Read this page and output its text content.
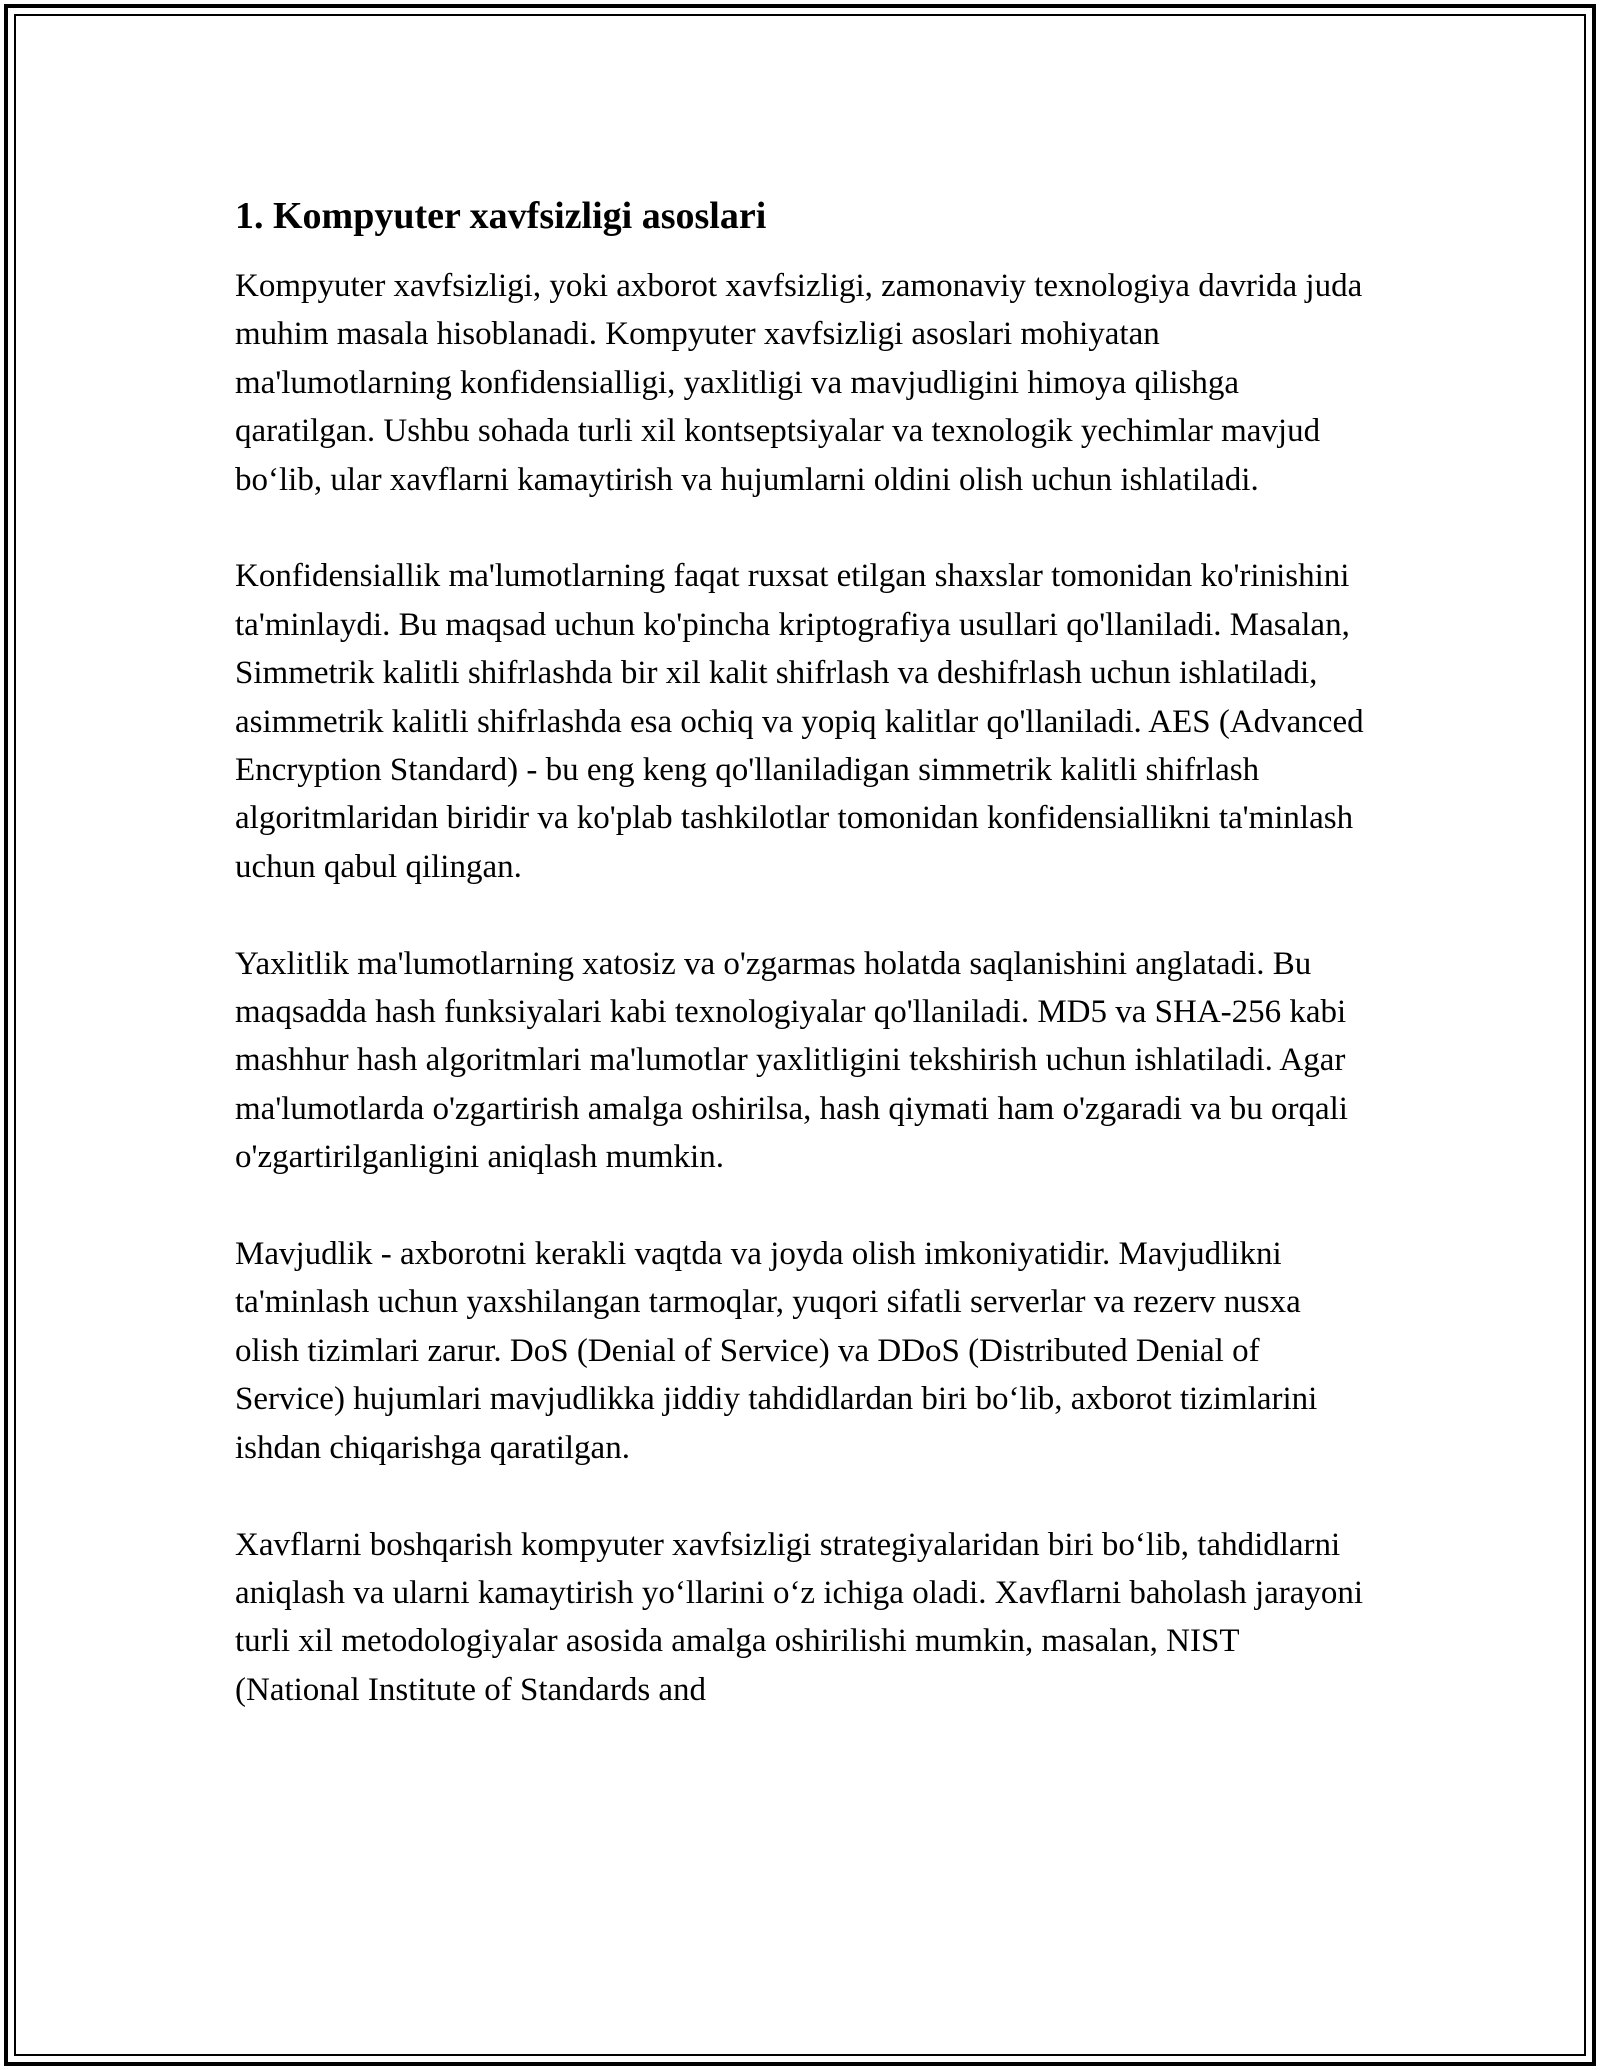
1. Kompyuter xavfsizligi asoslari

Kompyuter xavfsizligi, yoki axborot xavfsizligi, zamonaviy texnologiya davrida juda muhim masala hisoblanadi. Kompyuter xavfsizligi asoslari mohiyatan ma'lumotlarning konfidensialligi, yaxlitligi va mavjudligini himoya qilishga qaratilgan. Ushbu sohada turli xil kontseptsiyalar va texnologik yechimlar mavjud bo‘lib, ular xavflarni kamaytirish va hujumlarni oldini olish uchun ishlatiladi.

Konfidensiallik ma'lumotlarning faqat ruxsat etilgan shaxslar tomonidan ko'rinishini ta'minlaydi. Bu maqsad uchun ko'pincha kriptografiya usullari qo'llaniladi. Masalan, Simmetrik kalitli shifrlashda bir xil kalit shifrlash va deshifrlash uchun ishlatiladi, asimmetrik kalitli shifrlashda esa ochiq va yopiq kalitlar qo'llaniladi. AES (Advanced Encryption Standard) - bu eng keng qo'llaniladigan simmetrik kalitli shifrlash algoritmlaridan biridir va ko'plab tashkilotlar tomonidan konfidensiallikni ta'minlash uchun qabul qilingan.

Yaxlitlik ma'lumotlarning xatosiz va o'zgarmas holatda saqlanishini anglatadi. Bu maqsadda hash funksiyalari kabi texnologiyalar qo'llaniladi. MD5 va SHA-256 kabi mashhur hash algoritmlari ma'lumotlar yaxlitligini tekshirish uchun ishlatiladi. Agar ma'lumotlarda o'zgartirish amalga oshirilsa, hash qiymati ham o'zgaradi va bu orqali o'zgartirilganligini aniqlash mumkin.

Mavjudlik - axborotni kerakli vaqtda va joyda olish imkoniyatidir. Mavjudlikni ta'minlash uchun yaxshilangan tarmoqlar, yuqori sifatli serverlar va rezerv nusxa olish tizimlari zarur. DoS (Denial of Service) va DDoS (Distributed Denial of Service) hujumlari mavjudlikka jiddiy tahdidlardan biri bo‘lib, axborot tizimlarini ishdan chiqarishga qaratilgan.

Xavflarni boshqarish kompyuter xavfsizligi strategiyalaridan biri bo‘lib, tahdidlarni aniqlash va ularni kamaytirish yo‘llarini o‘z ichiga oladi. Xavflarni baholash jarayoni turli xil metodologiyalar asosida amalga oshirilishi mumkin, masalan, NIST (National Institute of Standards and
